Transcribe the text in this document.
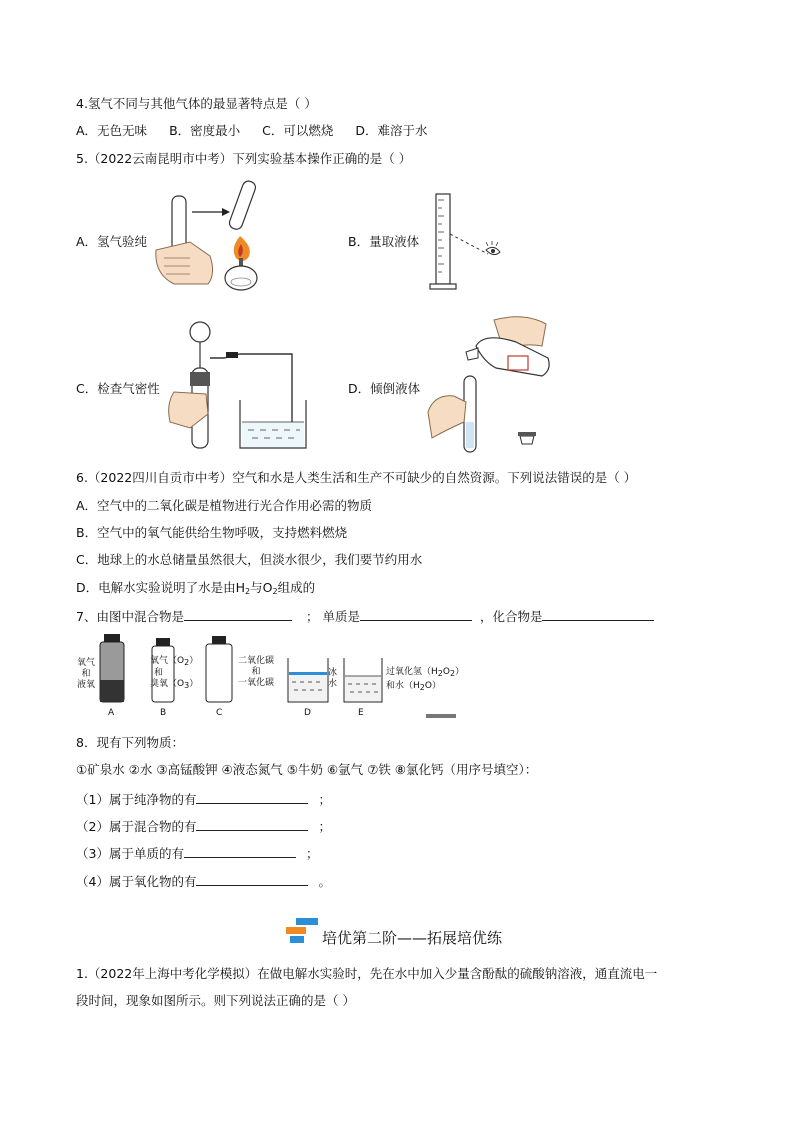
4.氢气不同与其他气体的最显著特点是（ ）
A．无色无味 B．密度最小 C．可以燃烧 D．难溶于水
5.（2022云南昆明市中考）下列实验基本操作正确的是（ ）
A．氢气验纯	B．量取液体
C．检查气密性	D．倾倒液体
6.（2022四川自贡市中考）空气和水是人类生活和生产不可缺少的自然资源。下列说法错误的是（ ）
A．空气中的二氧化碳是植物进行光合作用必需的物质
B．空气中的氧气能供给生物呼吸，支持燃料燃烧
C．地球上的水总储量虽然很大，但淡水很少，我们要节约用水
D．电解水实验说明了水是由$H_2$与$O_2$组成的
7、由图中混合物是	； 单质是	，化合物是
氧气
和
液氧
A
氧气（O2）
和
臭氧（O3）
B
二氧化碳
和
一氧化碳
C
冰
水
D
过氧化氢（H2O2）
和水（H2O）
E
8．现有下列物质：
①矿泉水 ②水 ③高锰酸钾 ④液态氮气 ⑤牛奶 ⑥氩气 ⑦铁 ⑧氯化钙（用序号填空）：
（1）属于纯净物的有	；
（2）属于混合物的有	；
（3）属于单质的有	；
（4）属于氧化物的有	。
培优第二阶——拓展培优练
1.（2022年上海中考化学模拟）在做电解水实验时，先在水中加入少量含酚酞的硫酸钠溶液，通直流电一
段时间，现象如图所示。则下列说法正确的是（ ）
